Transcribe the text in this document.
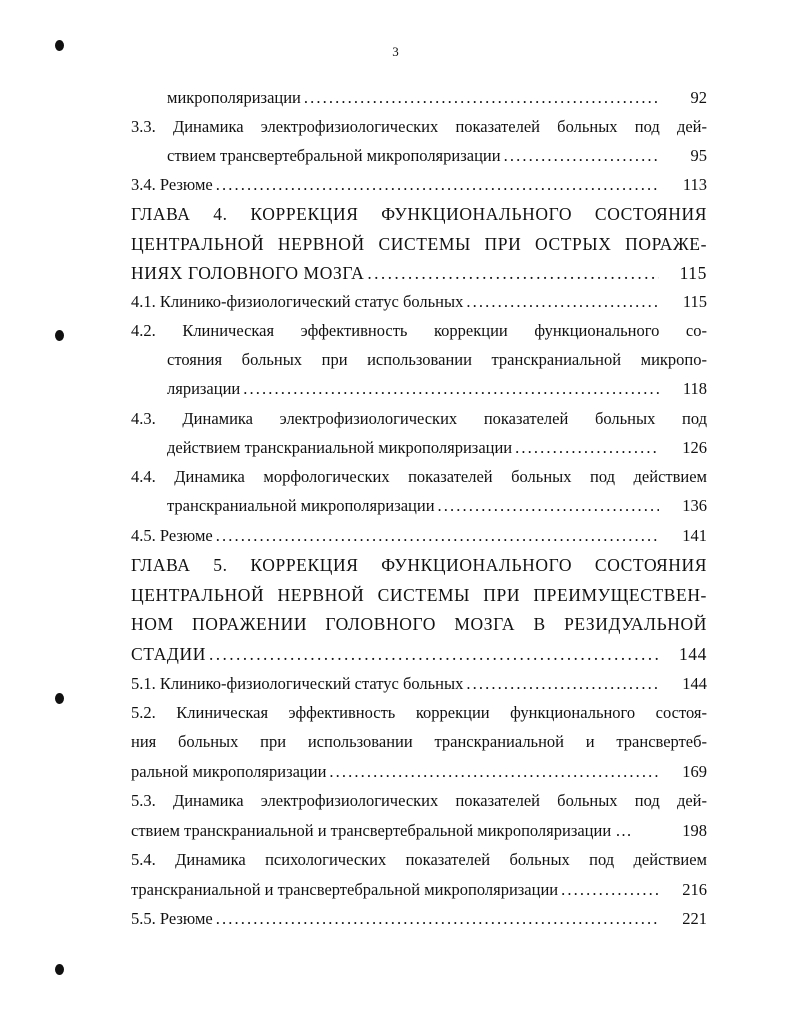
3
микрополяризации . . .	92
3.3. Динамика электрофизиологических показателей больных под дей-
ствием трансвертебральной микрополяризации . . .	95
3.4. Резюме . . .	113
ГЛАВА 4. КОРРЕКЦИЯ ФУНКЦИОНАЛЬНОГО СОСТОЯНИЯ
ЦЕНТРАЛЬНОЙ НЕРВНОЙ СИСТЕМЫ ПРИ ОСТРЫХ ПОРАЖЕ-
НИЯХ ГОЛОВНОГО МОЗГА . . .	115
4.1. Клинико-физиологический статус больных . . .	115
4.2. Клиническая эффективность коррекции функционального со-
стояния больных при использовании транскраниальной микропо-
ляризации . . .	118
4.3. Динамика электрофизиологических показателей больных под
действием транскраниальной микрополяризации . . .	126
4.4. Динамика морфологических показателей больных под действием
транскраниальной микрополяризации . . .	136
4.5. Резюме . . .	141
ГЛАВА 5. КОРРЕКЦИЯ ФУНКЦИОНАЛЬНОГО СОСТОЯНИЯ
ЦЕНТРАЛЬНОЙ НЕРВНОЙ СИСТЕМЫ ПРИ ПРЕИМУЩЕСТВЕН-
НОМ ПОРАЖЕНИИ ГОЛОВНОГО МОЗГА В РЕЗИДУАЛЬНОЙ
СТАДИИ . . .	144
5.1. Клинико-физиологический статус больных . . .	144
5.2. Клиническая эффективность коррекции функционального состоя-
ния больных при использовании транскраниальной и трансвертеб-
ральной микрополяризации . . .	169
5.3. Динамика электрофизиологических показателей больных под дей-
ствием транскраниальной и трансвертебральной микрополяризации …	198
5.4. Динамика психологических показателей больных под действием
транскраниальной и трансвертебральной микрополяризации . . .	216
5.5. Резюме . . .	221
